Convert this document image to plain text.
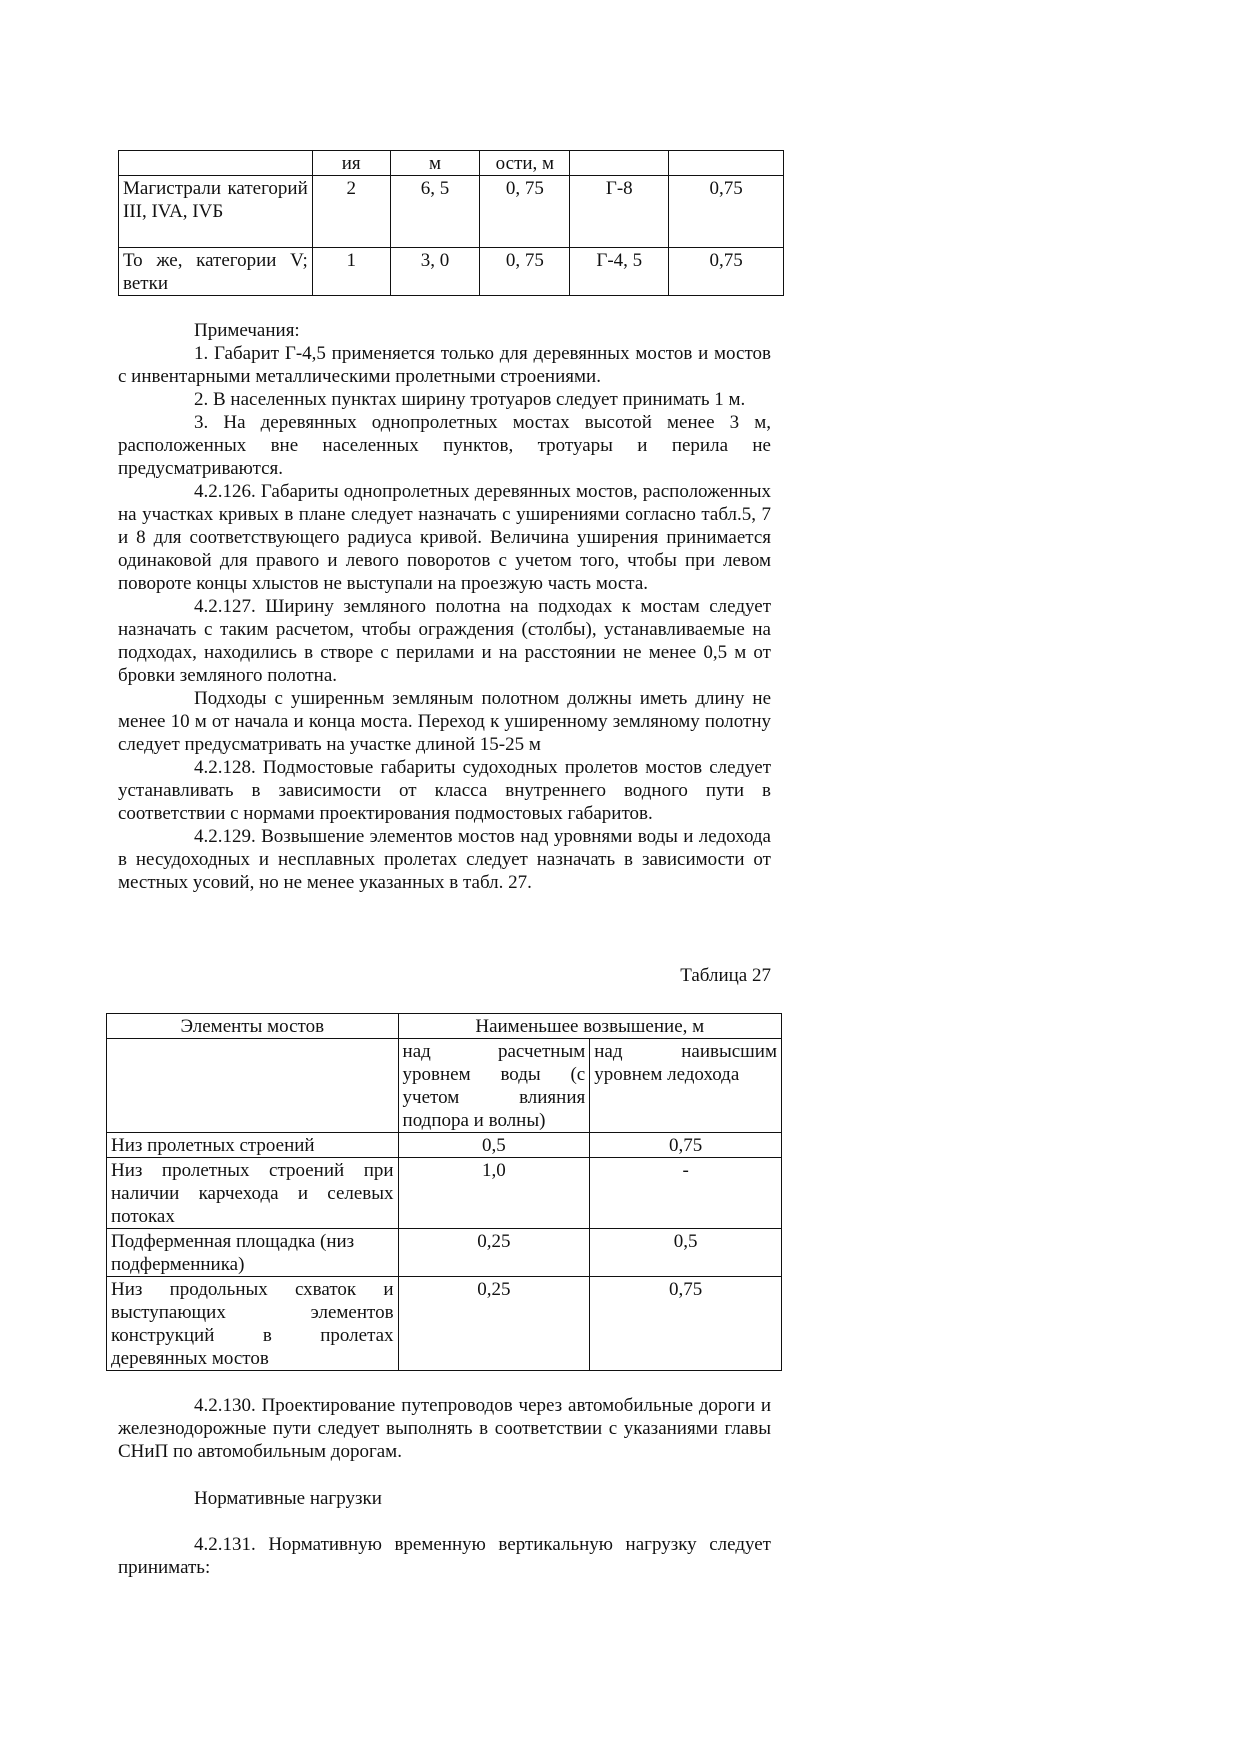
	ия	м	ости, м		
Магистрали категорий III, IVA, IVБ	2	6, 5	0, 75	Г-8	0,75
То же, категории V; ветки	1	3, 0	0, 75	Г-4, 5	0,75

Примечания:

1. Габарит Г-4,5 применяется только для деревянных мостов и мостов с инвентарными металлическими пролетными строениями.

2. В населенных пунктах ширину тротуаров следует принимать 1 м.

3. На деревянных однопролетных мостах высотой менее 3 м, расположенных вне населенных пунктов, тротуары и перила не предусматриваются.

4.2.126. Габариты однопролетных деревянных мостов, расположенных на участках кривых в плане следует назначать с уширениями согласно табл.5, 7 и 8 для соответствующего радиуса кривой. Величина уширения принимается одинаковой для правого и левого поворотов с учетом того, чтобы при левом повороте концы хлыстов не выступали на проезжую часть моста.

4.2.127. Ширину земляного полотна на подходах к мостам следует назначать с таким расчетом, чтобы ограждения (столбы), устанавливаемые на подходах, находились в створе с перилами и на расстоянии не менее 0,5 м от бровки земляного полотна.

Подходы с уширенньм земляным полотном должны иметь длину не менее 10 м от начала и конца моста. Переход к уширенному земляному полотну следует предусматривать на участке длиной 15-25 м

4.2.128. Подмостовые габариты судоходных пролетов мостов следует устанавливать в зависимости от класса внутреннего водного пути в соответствии с нормами проектирования подмостовых габаритов.

4.2.129. Возвышение элементов мостов над уровнями воды и ледохода в несудоходных и несплавных пролетах следует назначать в зависимости от местных усовий, но не менее указанных в табл. 27.

Таблица 27
Элементы мостов	Наименьшее возвышение, м	
	над расчетным уровнем воды (с учетом влияния подпора и волны)	над наивысшим уровнем ледохода
Низ пролетных строений	0,5	0,75
Низ пролетных строений при наличии карчехода и селевых потоках	1,0	-
Подферменная площадка (низ подферменника)	0,25	0,5
Низ продольных схваток и выступающих элементов конструкций в пролетах деревянных мостов	0,25	0,75

4.2.130. Проектирование путепроводов через автомобильные дороги и железнодорожные пути следует выполнять в соответствии с указаниями главы СНиП по автомобильным дорогам.

Нормативные нагрузки

4.2.131. Нормативную временную вертикальную нагрузку следует принимать:
